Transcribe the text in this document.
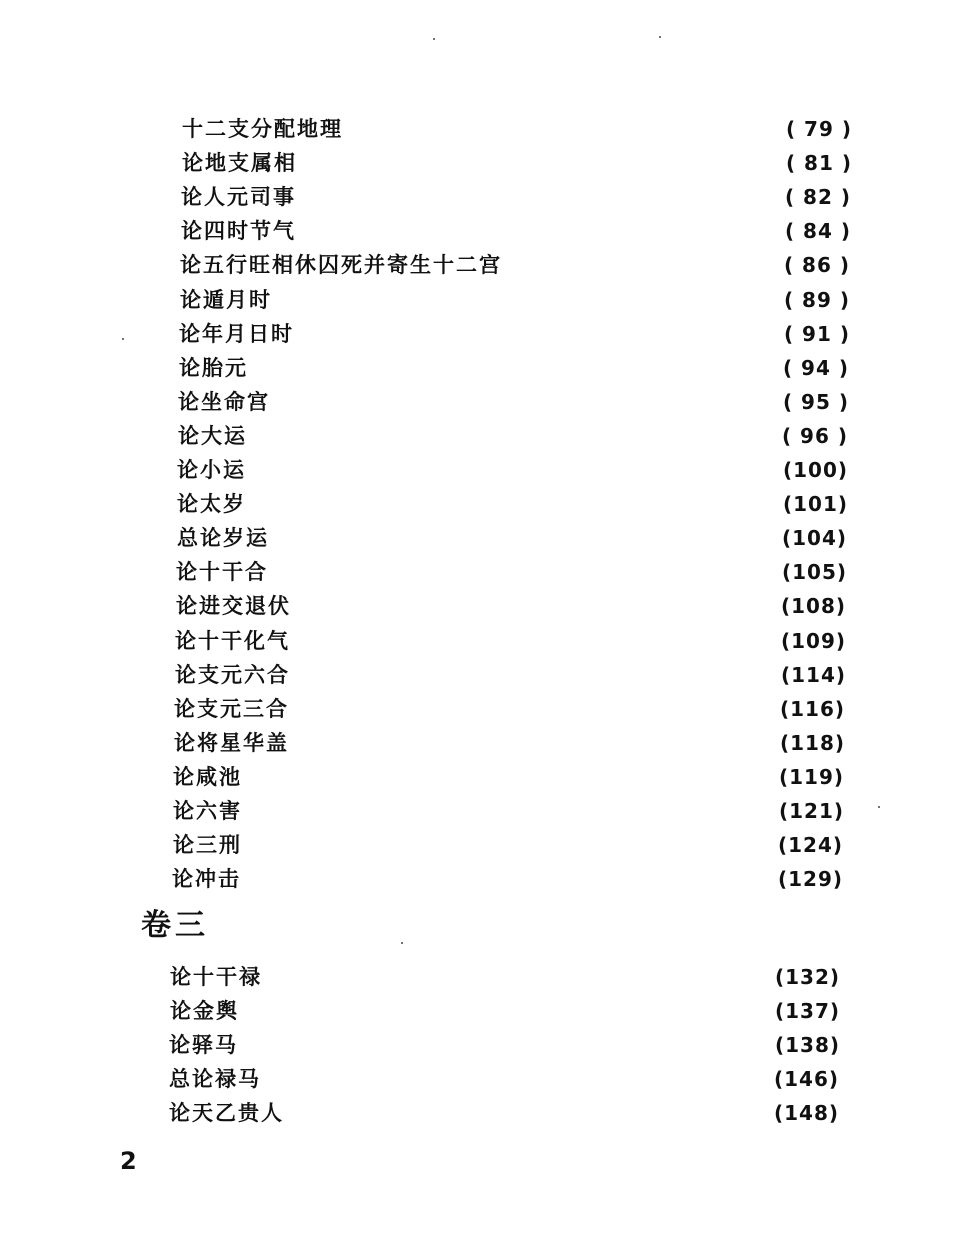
十二支分配地理	( 79 )
论地支属相	( 81 )
论人元司事	( 82 )
论四时节气	( 84 )
论五行旺相休囚死并寄生十二宫	( 86 )
论遁月时	( 89 )
论年月日时	( 91 )
论胎元	( 94 )
论坐命宫	( 95 )
论大运	( 96 )
论小运	(100)
论太岁	(101)
总论岁运	(104)
论十干合	(105)
论进交退伏	(108)
论十干化气	(109)
论支元六合	(114)
论支元三合	(116)
论将星华盖	(118)
论咸池	(119)
论六害	(121)
论三刑	(124)
论冲击	(129)
卷三
论十干禄	(132)
论金舆	(137)
论驿马	(138)
总论禄马	(146)
论天乙贵人	(148)
2
